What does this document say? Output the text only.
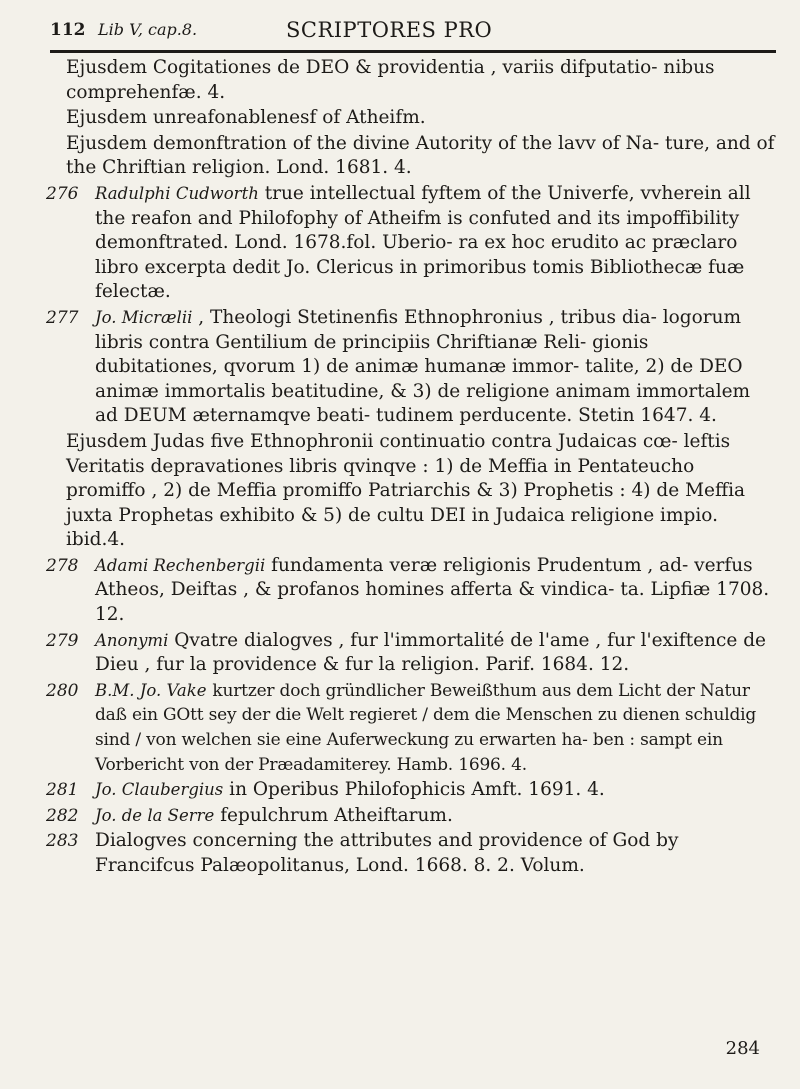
112 Lib V, cap.8.	SCRIPTORES PRO
Ejusdem Cogitationes de DEO & providentia , variis difputatio- nibus comprehenfæ. 4.
Ejusdem unreafonablenesf of Atheifm.
Ejusdem demonftration of the divine Autority of the lavv of Na- ture, and of the Chriftian religion. Lond. 1681. 4.
276 Radulphi Cudworth true intellectual fyftem of the Univerfe, vvherein all the reafon and Philofophy of Atheifm is confuted and its impoffibility demonftrated. Lond. 1678.fol. Uberio- ra ex hoc erudito ac præclaro libro excerpta dedit Jo. Clericus in primoribus tomis Bibliothecæ fuæ felectæ.
277 Jo. Micrælii , Theologi Stetinenfis Ethnophronius , tribus dia- logorum libris contra Gentilium de principiis Chriftianæ Reli- gionis dubitationes, qvorum 1) de animæ humanæ immor- talite, 2) de DEO animæ immortalis beatitudine, & 3) de religione animam immortalem ad DEUM æternamqve beati- tudinem perducente. Stetin 1647. 4.
Ejusdem Judas five Ethnophronii continuatio contra Judaicas cœ- leftis Veritatis depravationes libris qvinqve : 1) de Meffia in Pentateucho promiffo , 2) de Meffia promiffo Patriarchis & 3) Prophetis : 4) de Meffia juxta Prophetas exhibito & 5) de cultu DEI in Judaica religione impio. ibid.4.
278 Adami Rechenbergii fundamenta veræ religionis Prudentum , ad- verfus Atheos, Deiftas , & profanos homines afferta & vindica- ta. Lipfiæ 1708. 12.
279 Anonymi Qvatre dialogves , fur l'immortalité de l'ame , fur l'exiftence de Dieu , fur la providence & fur la religion. Parif. 1684. 12.
280 B.M. Jo. Vake kurtzer doch gründlicher Beweißthum aus dem Licht der Natur daß ein GOtt sey der die Welt regieret / dem die Menschen zu dienen schuldig sind / von welchen sie eine Auferweckung zu erwarten ha- ben : sampt ein Vorbericht von der Præadamiterey. Hamb. 1696. 4.
281 Jo. Claubergius in Operibus Philofophicis Amft. 1691. 4.
282 Jo. de la Serre fepulchrum Atheiftarum.
283 Dialogves concerning the attributes and providence of God by Francifcus Palæopolitanus, Lond. 1668. 8. 2. Volum.
284
